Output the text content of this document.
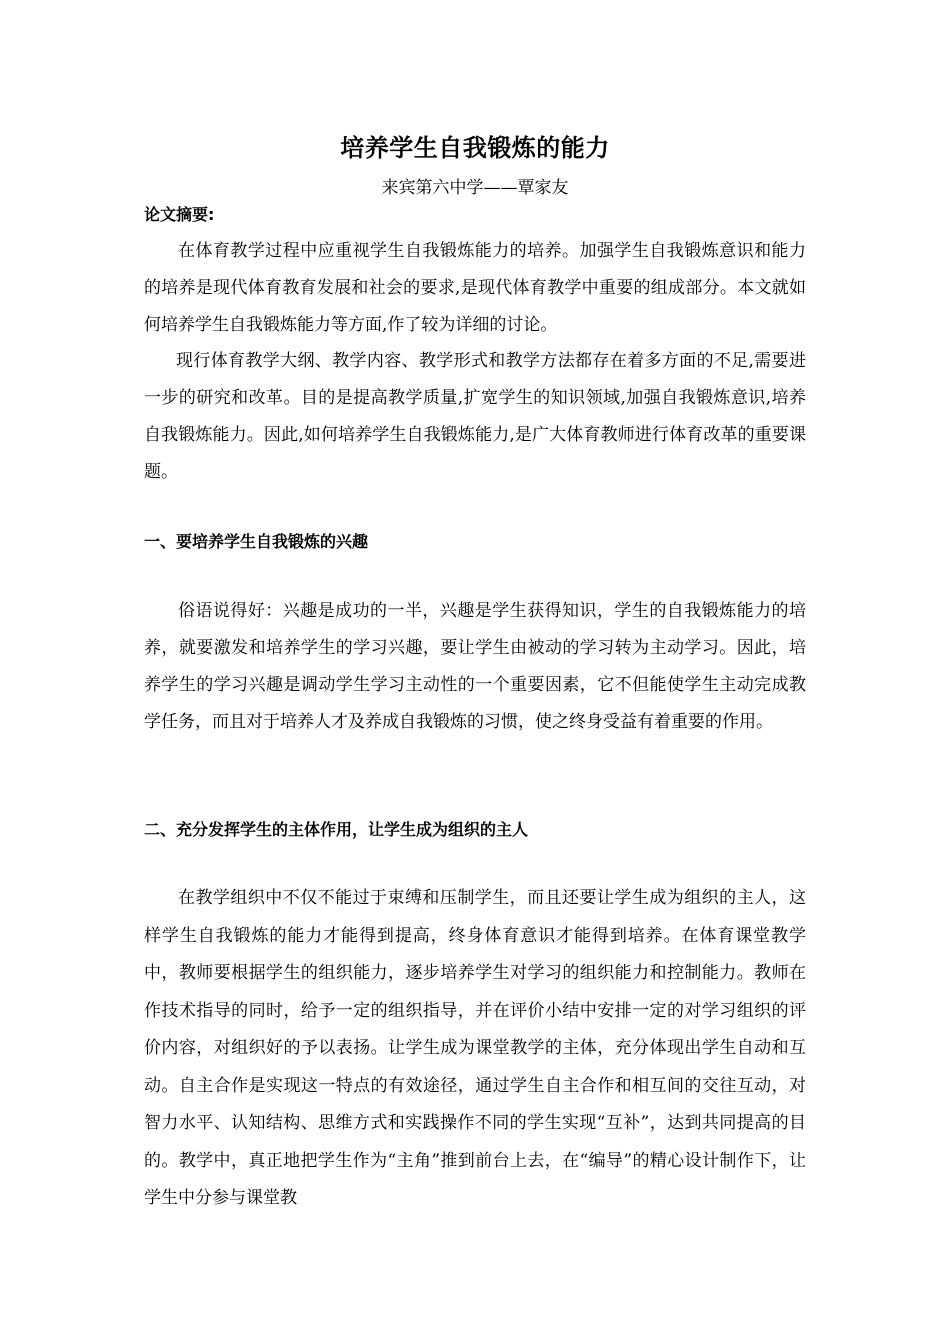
培养学生自我锻炼的能力
来宾第六中学——覃家友
论文摘要:

在体育教学过程中应重视学生自我锻炼能力的培养。加强学生自我锻炼意识和能力的培养是现代体育教育发展和社会的要求,是现代体育教学中重要的组成部分。本文就如何培养学生自我锻炼能力等方面,作了较为详细的讨论。

现行体育教学大纲、教学内容、教学形式和教学方法都存在着多方面的不足,需要进一步的研究和改革。目的是提高教学质量,扩宽学生的知识领域,加强自我锻炼意识,培养自我锻炼能力。因此,如何培养学生自我锻炼能力,是广大体育教师进行体育改革的重要课题。

一、要培养学生自我锻炼的兴趣

俗语说得好：兴趣是成功的一半，兴趣是学生获得知识，学生的自我锻炼能力的培养，就要激发和培养学生的学习兴趣，要让学生由被动的学习转为主动学习。因此，培养学生的学习兴趣是调动学生学习主动性的一个重要因素，它不但能使学生主动完成教学任务，而且对于培养人才及养成自我锻炼的习惯，使之终身受益有着重要的作用。

二、充分发挥学生的主体作用，让学生成为组织的主人

在教学组织中不仅不能过于束缚和压制学生，而且还要让学生成为组织的主人，这样学生自我锻炼的能力才能得到提高，终身体育意识才能得到培养。在体育课堂教学中，教师要根据学生的组织能力，逐步培养学生对学习的组织能力和控制能力。教师在作技术指导的同时，给予一定的组织指导，并在评价小结中安排一定的对学习组织的评价内容，对组织好的予以表扬。让学生成为课堂教学的主体，充分体现出学生自动和互动。自主合作是实现这一特点的有效途径，通过学生自主合作和相互间的交往互动，对智力水平、认知结构、思维方式和实践操作不同的学生实现“互补”，达到共同提高的目的。教学中，真正地把学生作为“主角”推到前台上去，在“编导”的精心设计制作下，让学生中分参与课堂教
